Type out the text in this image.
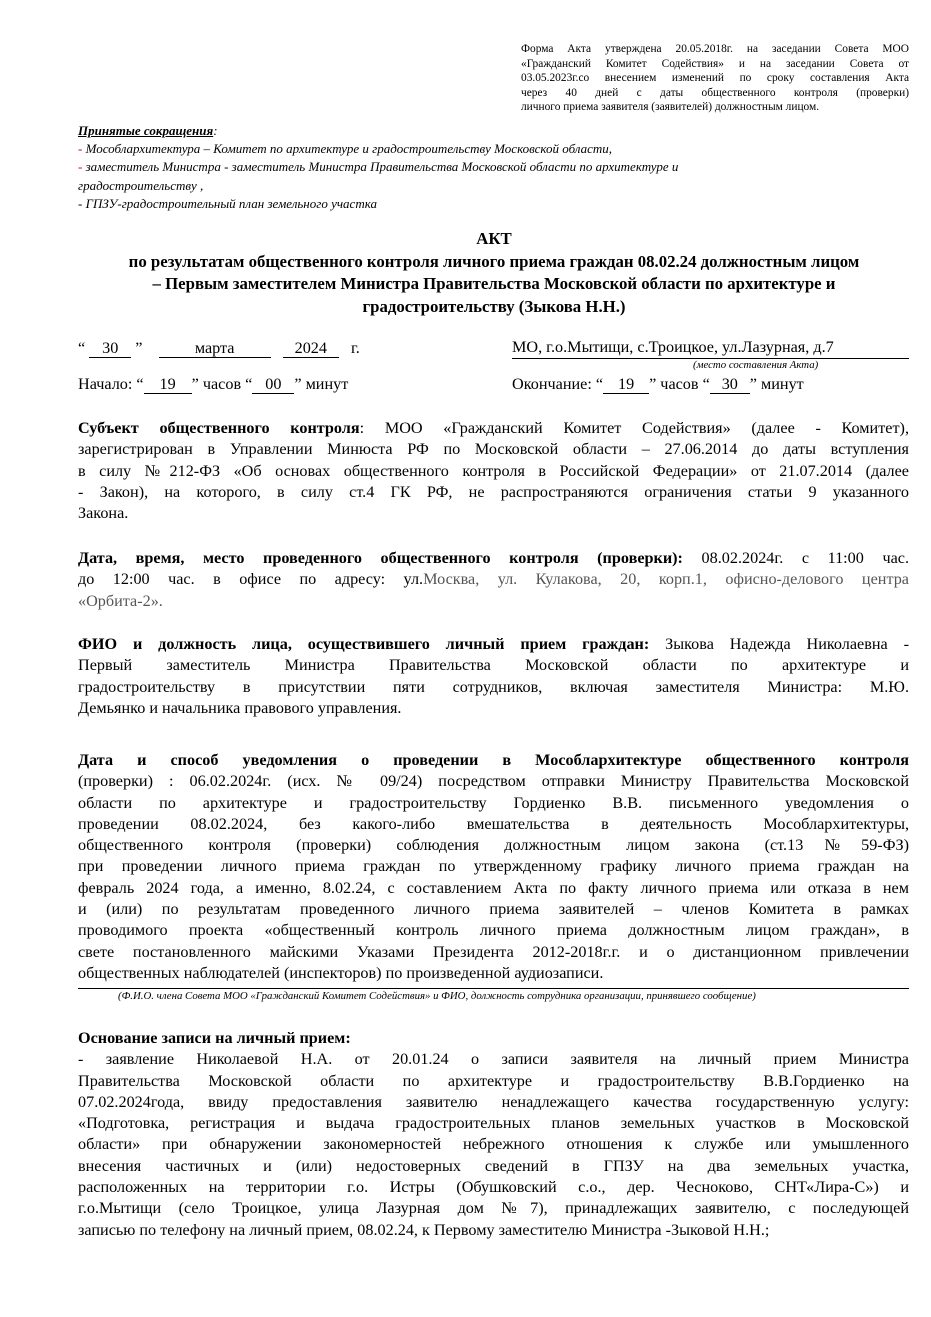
Форма Акта утверждена 20.05.2018г. на заседании Совета МОО
«Гражданский Комитет Содействия» и на заседании Совета от
03.05.2023г.со внесением изменений по сроку составления Акта
через 40 дней с даты общественного контроля (проверки)
личного приема заявителя (заявителей) должностным лицом.
Принятые сокращения:
- Мособлархитектура – Комитет по архитектуре и градостроительству Московской области,
- заместитель Министра - заместитель Министра Правительства Московской области по архитектуре и
градостроительству ,
- ГПЗУ-градостроительный план земельного участка
АКТ
по результатам общественного контроля личного приема граждан 08.02.24 должностным лицом
– Первым заместителем Министра Правительства Московской области по архитектуре и
градостроительству (Зыкова Н.Н.)
“ 30 ”	марта	2024 г.	МО, г.о.Мытищи, с.Троицкое, ул.Лазурная, д.7
(место составления Акта)
Начало: “ 19 ” часов “ 00 ” минут	Окончание: “ 19 ” часов “ 30 ” минут
Субъект общественного контроля: МОО «Гражданский Комитет Содействия» (далее - Комитет),
зарегистрирован в Управлении Минюста РФ по Московской области – 27.06.2014 до даты вступления
в силу №212-ФЗ «Об основах общественного контроля в Российской Федерации» от 21.07.2014 (далее
- Закон), на которого, в силу ст.4 ГК РФ, не распространяются ограничения статьи 9 указанного
Закона.
Дата, время, место проведенного общественного контроля (проверки): 08.02.2024г. с 11:00 час.
до 12:00 час. в офисе по адресу: ул.Москва, ул. Кулакова, 20, корп.1, офисно-делового центра
«Орбита-2».
ФИО и должность лица, осуществившего личный прием граждан: Зыкова Надежда Николаевна -
Первый заместитель Министра Правительства Московской области по архитектуре и
градостроительству в присутствии пяти сотрудников, включая заместителя Министра: М.Ю.
Демьянко и начальника правового управления.
Дата и способ уведомления о проведении в Мособлархитектуре общественного контроля
(проверки) : 06.02.2024г. (исх. № 09/24) посредством отправки Министру Правительства Московской
области по архитектуре и градостроительству Гордиенко В.В. письменного уведомления о
проведении 08.02.2024, без какого-либо вмешательства в деятельность Мособлархитектуры,
общественного контроля (проверки) соблюдения должностным лицом закона (ст.13№59-ФЗ)
при проведении личного приема граждан по утвержденному графику личного приема граждан на
февраль 2024 года, а именно, 8.02.24, с составлением Акта по факту личного приема или отказа в нем
и (или) по результатам проведенного личного приема заявителей – членов Комитета в рамках
проводимого проекта «общественный контроль личного приема должностным лицом граждан», в
свете постановленного майскими Указами Президента 2012-2018г.г. и о дистанционном привлечении
общественных наблюдателей (инспекторов) по произведенной аудиозаписи.
(Ф.И.О. члена Совета МОО «Гражданский Комитет Содействия» и ФИО, должность сотрудника организации, принявшего сообщение)
Основание записи на личный прием:
- заявление Николаевой Н.А. от 20.01.24 о записи заявителя на личный прием Министра
Правительства Московской области по архитектуре и градостроительству В.В.Гордиенко на
07.02.2024года, ввиду предоставления заявителю ненадлежащего качества государственную услугу:
«Подготовка, регистрация и выдача градостроительных планов земельных участков в Московской
области» при обнаружении закономерностей небрежного отношения к службе или умышленного
внесения частичных и (или) недостоверных сведений в ГПЗУ на два земельных участка,
расположенных на территории г.о. Истры (Обушковский с.о., дер. Чесноково, СНТ«Лира-С») и
г.о.Мытищи (село Троицкое, улица Лазурная дом №7), принадлежащих заявителю, с последующей
записью по телефону на личный прием, 08.02.24, к Первому заместителю Министра -Зыковой Н.Н.;
